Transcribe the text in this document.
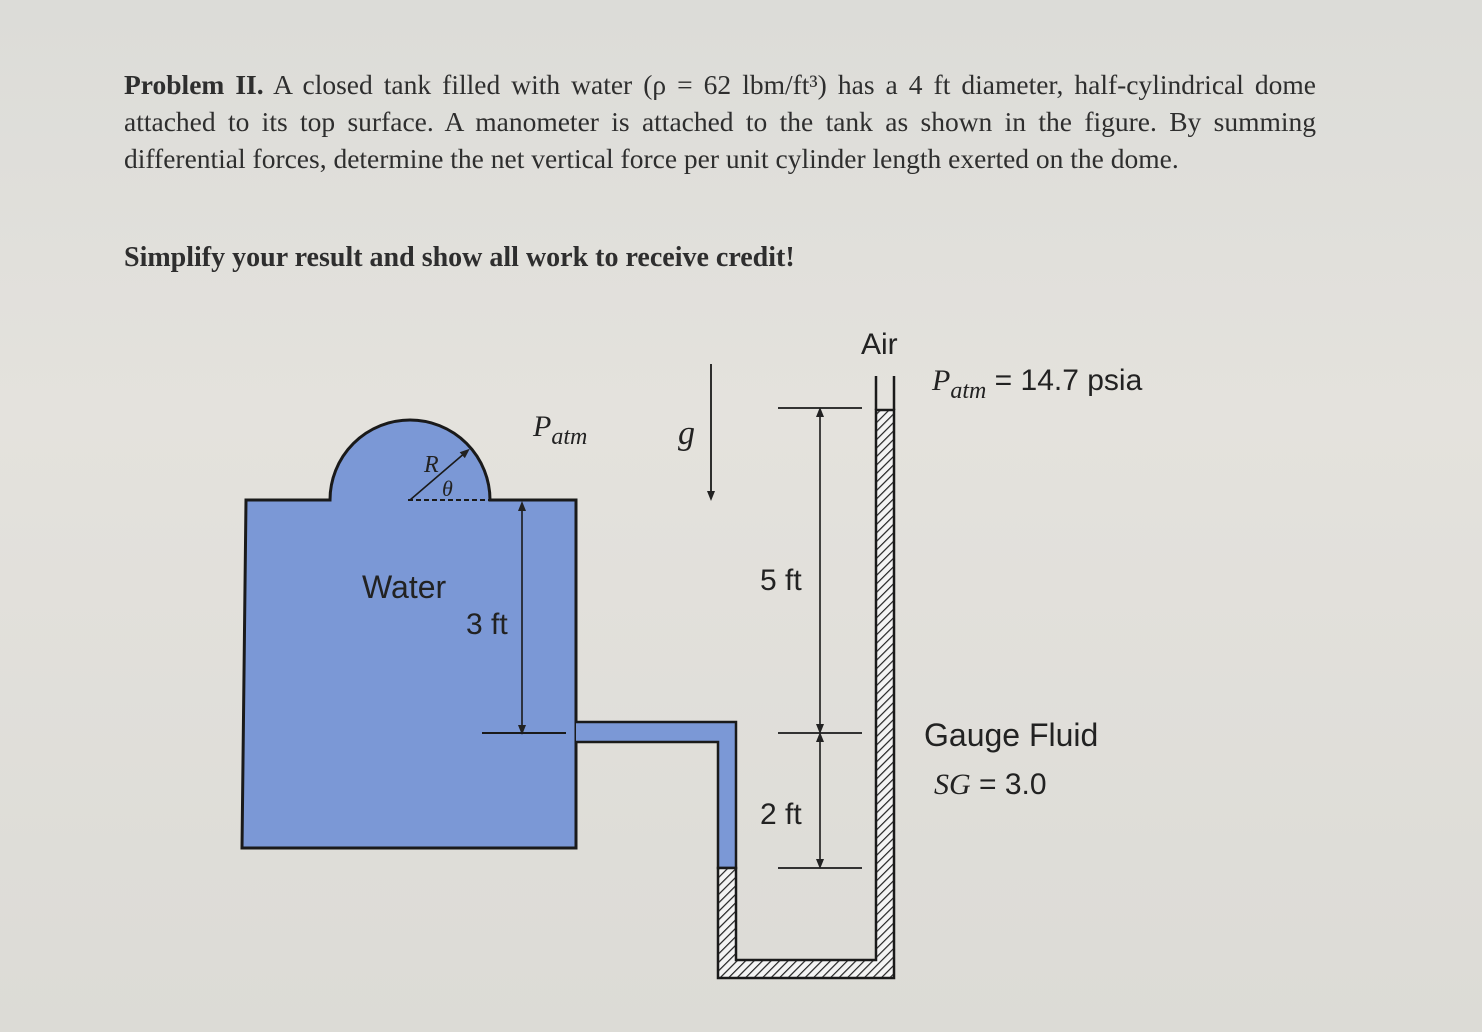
Problem II. A closed tank filled with water (ρ = 62 lbm/ft³) has a 4 ft diameter, half-cylindrical dome attached to its top surface. A manometer is attached to the tank as shown in the figure. By summing differential forces, determine the net vertical force per unit cylinder length exerted on the dome.
Simplify your result and show all work to receive credit!
R
θ
Water
3 ft
Air
5 ft
2 ft
$P_{atm}$	g
$P_{atm} = 14.7$ psia
Gauge Fluid
SG = 3.0
